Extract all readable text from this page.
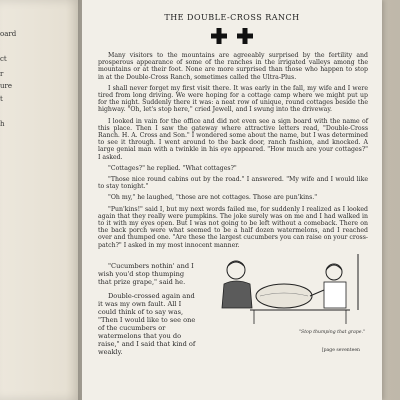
oard
ct
r
ure
t
h
THE DOUBLE-CROSS RANCH

Many visitors to the mountains are agreeably surprised by the fertility and prosperous appearance of some of the ranches in the irrigated valleys among the mountains or at their foot. None are more surprised than those who happen to stop in at the Double-Cross Ranch, sometimes called the Ultra-Plus.

I shall never forget my first visit there. It was early in the fall, my wife and I were tired from long driving. We were hoping for a cottage camp where we might put up for the night. Suddenly there it was: a neat row of unique, round cottages beside the highway. "Oh, let's stop here," cried Jewell, and I swung into the driveway.

I looked in vain for the office and did not even see a sign board with the name of this place. Then I saw the gateway where attractive letters read, "Double-Cross Ranch. H. A. Cross and Son." I wondered some about the name, but I was determined to see it through. I went around to the back door, ranch fashion, and knocked. A large genial man with a twinkle in his eye appeared. "How much are your cottages?" I asked.

"Cottages?" he replied. "What cottages?"

"Those nice round cabins out by the road." I answered. "My wife and I would like to stay tonight."

"Oh my," he laughed, "those are not cottages. Those are pun'kins."

"Pun'kins!" said I, but my next words failed me, for suddenly I realized as I looked again that they really were pumpkins. The joke surely was on me and I had walked in to it with my eyes open. But I was not going to be left without a comeback. There on the back porch were what seemed to be a half dozen watermelons, and I reached over and thumped one. "Are these the largest cucumbers you can raise on your cross-patch?" I asked in my most innocent manner.

"Cucumbers nothin' and I wish you'd stop thumping that prize grape," said he.

Double-crossed again and it was my own fault. All I could think of to say was, "Then I would like to see one of the cucumbers or watermelons that you do raise," and I said that kind of weakly.

"Stop thumping that grape."
[page seventeen
